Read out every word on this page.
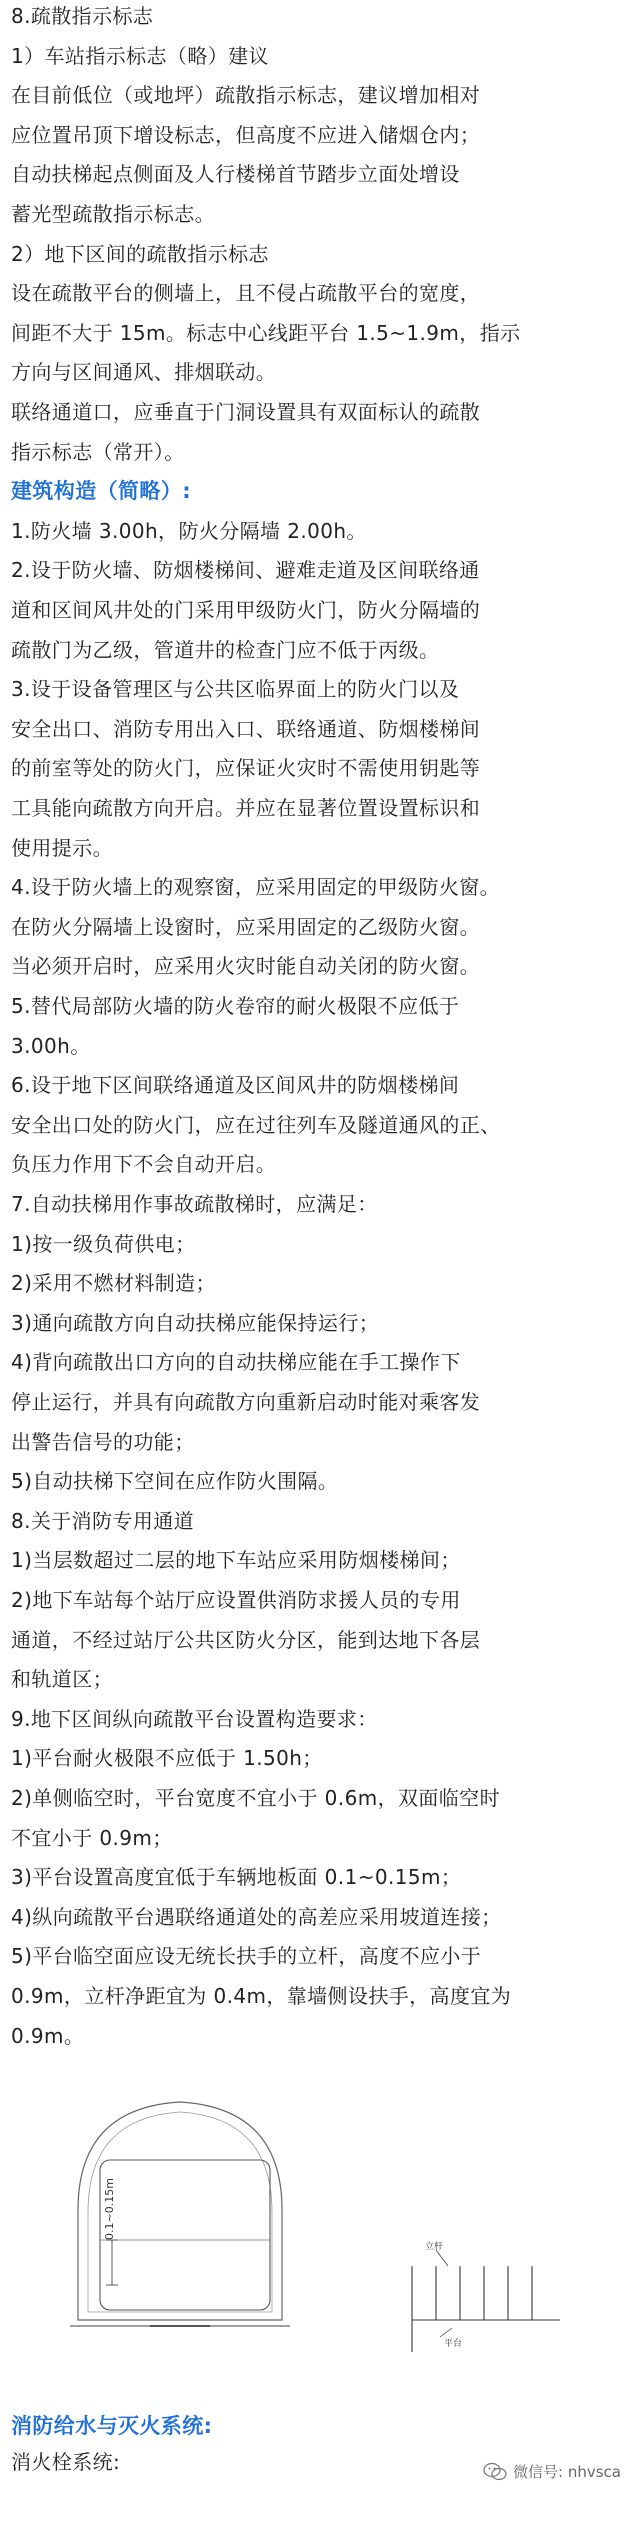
8.疏散指示标志
1）车站指示标志（略）建议
在目前低位（或地坪）疏散指示标志，建议增加相对
应位置吊顶下增设标志，但高度不应进入储烟仓内；
自动扶梯起点侧面及人行楼梯首节踏步立面处增设
蓄光型疏散指示标志。
2）地下区间的疏散指示标志
设在疏散平台的侧墙上，且不侵占疏散平台的宽度，
间距不大于 15m。标志中心线距平台 1.5~1.9m，指示
方向与区间通风、排烟联动。
联络通道口，应垂直于门洞设置具有双面标认的疏散
指示标志（常开）。
建筑构造（简略）:
1.防火墙 3.00h，防火分隔墙 2.00h。
2.设于防火墙、防烟楼梯间、避难走道及区间联络通
道和区间风井处的门采用甲级防火门，防火分隔墙的
疏散门为乙级，管道井的检查门应不低于丙级。
3.设于设备管理区与公共区临界面上的防火门以及
安全出口、消防专用出入口、联络通道、防烟楼梯间
的前室等处的防火门，应保证火灾时不需使用钥匙等
工具能向疏散方向开启。并应在显著位置设置标识和
使用提示。
4.设于防火墙上的观察窗，应采用固定的甲级防火窗。
在防火分隔墙上设窗时，应采用固定的乙级防火窗。
当必须开启时，应采用火灾时能自动关闭的防火窗。
5.替代局部防火墙的防火卷帘的耐火极限不应低于
3.00h。
6.设于地下区间联络通道及区间风井的防烟楼梯间
安全出口处的防火门，应在过往列车及隧道通风的正、
负压力作用下不会自动开启。
7.自动扶梯用作事故疏散梯时，应满足：
1)按一级负荷供电；
2)采用不燃材料制造；
3)通向疏散方向自动扶梯应能保持运行；
4)背向疏散出口方向的自动扶梯应能在手工操作下
停止运行，并具有向疏散方向重新启动时能对乘客发
出警告信号的功能；
5)自动扶梯下空间在应作防火围隔。
8.关于消防专用通道
1)当层数超过二层的地下车站应采用防烟楼梯间；
2)地下车站每个站厅应设置供消防求援人员的专用
通道，不经过站厅公共区防火分区，能到达地下各层
和轨道区；
9.地下区间纵向疏散平台设置构造要求：
1)平台耐火极限不应低于 1.50h；
2)单侧临空时，平台宽度不宜小于 0.6m，双面临空时
不宜小于 0.9m；
3)平台设置高度宜低于车辆地板面 0.1~0.15m；
4)纵向疏散平台遇联络通道处的高差应采用坡道连接；
5)平台临空面应设无统长扶手的立杆，高度不应小于
0.9m，立杆净距宜为 0.4m，靠墙侧设扶手，高度宜为
0.9m。
0.1~0.15m
立杆
平台
消防给水与灭火系统:
消火栓系统:	微信号: nhvsca
